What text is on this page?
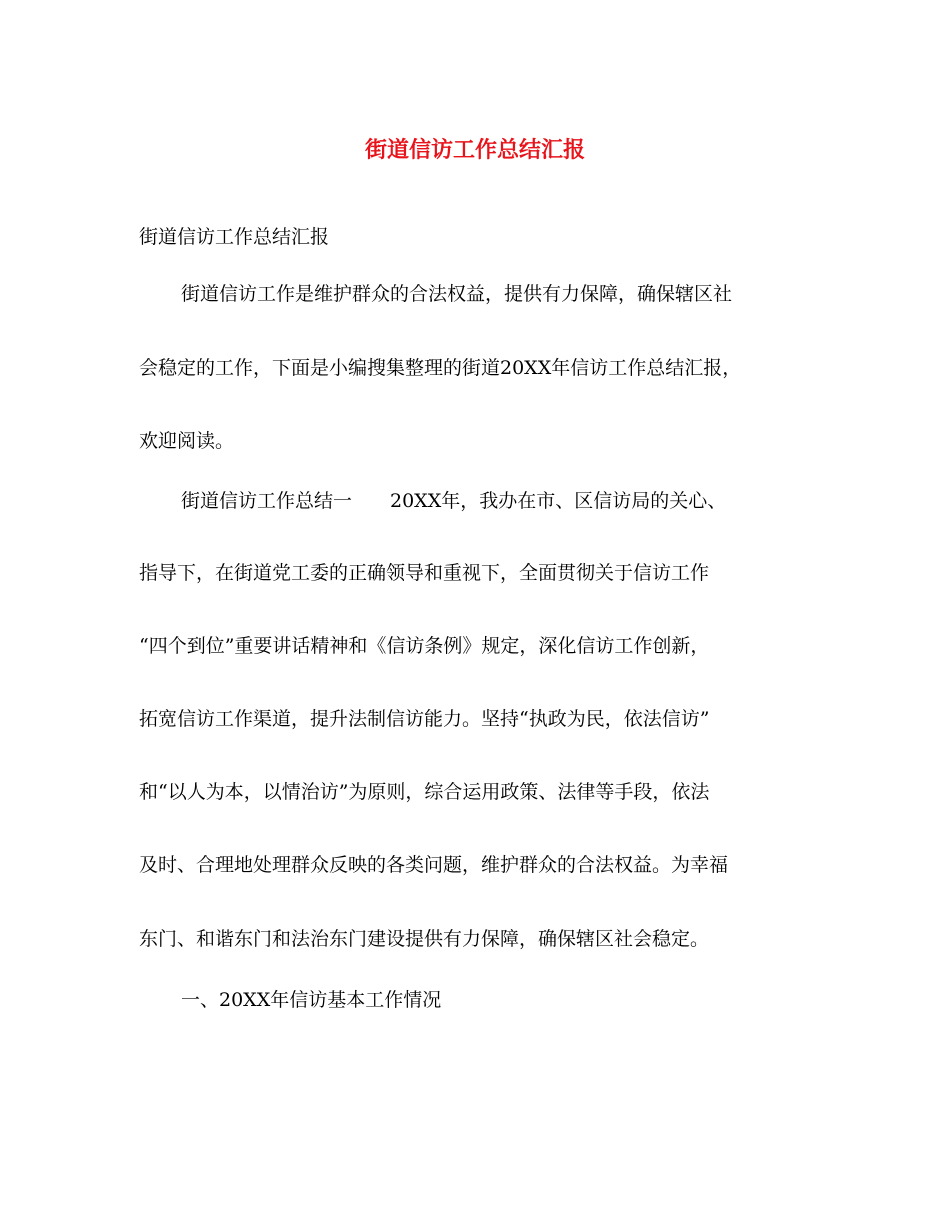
街道信访工作总结汇报
街道信访工作总结汇报
街道信访工作是维护群众的合法权益，提供有力保障，确保辖区社
会稳定的工作，下面是小编搜集整理的街道20XX年信访工作总结汇报，
欢迎阅读。
街道信访工作总结一　　20XX年，我办在市、区信访局的关心、
指导下，在街道党工委的正确领导和重视下，全面贯彻关于信访工作
“四个到位”重要讲话精神和《信访条例》规定，深化信访工作创新，
拓宽信访工作渠道，提升法制信访能力。坚持“执政为民，依法信访”
和“以人为本，以情治访”为原则，综合运用政策、法律等手段，依法
及时、合理地处理群众反映的各类问题，维护群众的合法权益。为幸福
东门、和谐东门和法治东门建设提供有力保障，确保辖区社会稳定。
一、20XX年信访基本工作情况
